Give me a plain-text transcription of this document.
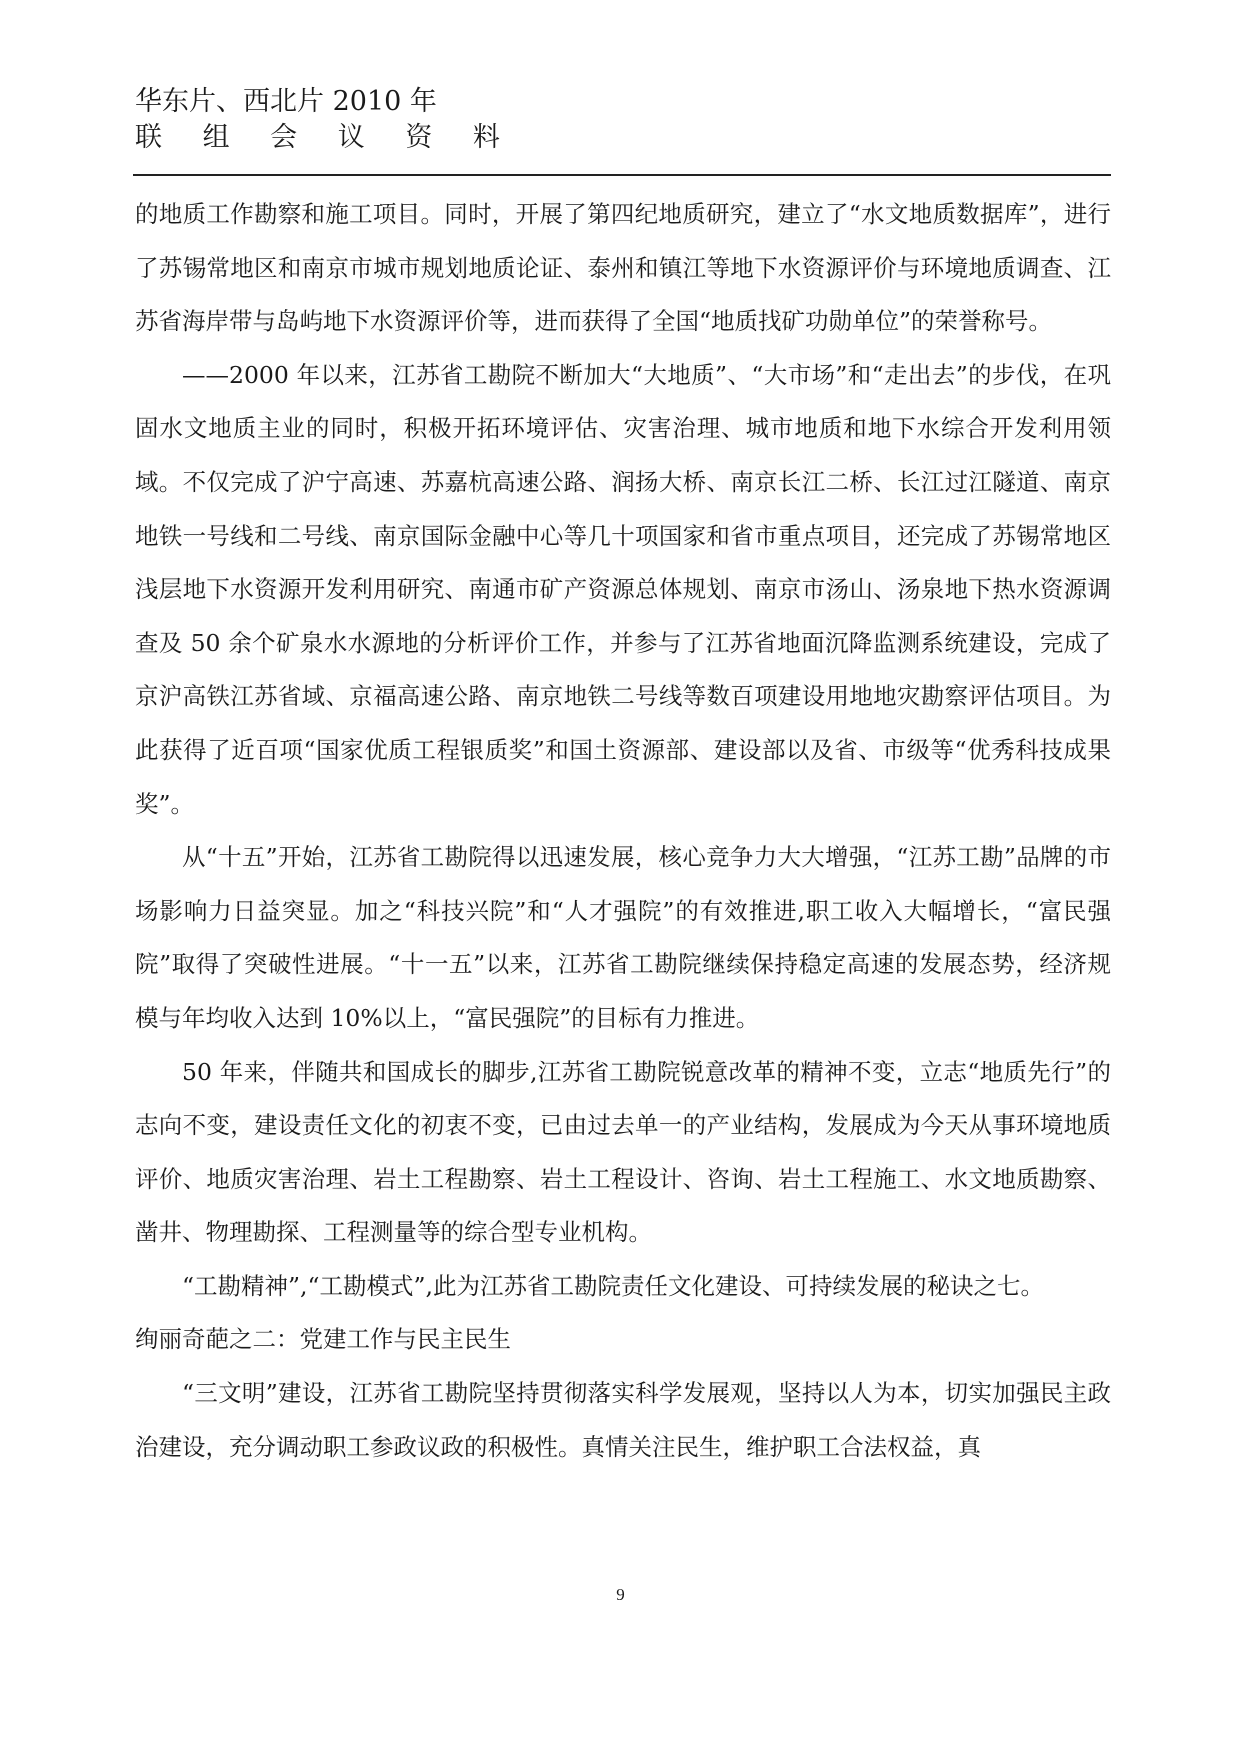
华东片、西北片 2010 年
联 组 会 议 资 料

的地质工作勘察和施工项目。同时，开展了第四纪地质研究，建立了“水文地质数据库”，进行了苏锡常地区和南京市城市规划地质论证、泰州和镇江等地下水资源评价与环境地质调查、江苏省海岸带与岛屿地下水资源评价等，进而获得了全国“地质找矿功勋单位”的荣誉称号。

——2000 年以来，江苏省工勘院不断加大“大地质”、“大市场”和“走出去”的步伐，在巩固水文地质主业的同时，积极开拓环境评估、灾害治理、城市地质和地下水综合开发利用领域。不仅完成了沪宁高速、苏嘉杭高速公路、润扬大桥、南京长江二桥、长江过江隧道、南京地铁一号线和二号线、南京国际金融中心等几十项国家和省市重点项目，还完成了苏锡常地区浅层地下水资源开发利用研究、南通市矿产资源总体规划、南京市汤山、汤泉地下热水资源调查及 50 余个矿泉水水源地的分析评价工作，并参与了江苏省地面沉降监测系统建设，完成了京沪高铁江苏省域、京福高速公路、南京地铁二号线等数百项建设用地地灾勘察评估项目。为此获得了近百项“国家优质工程银质奖”和国土资源部、建设部以及省、市级等“优秀科技成果奖”。

从“十五”开始，江苏省工勘院得以迅速发展，核心竞争力大大增强，“江苏工勘”品牌的市场影响力日益突显。加之“科技兴院”和“人才强院”的有效推进,职工收入大幅增长，“富民强院”取得了突破性进展。“十一五”以来，江苏省工勘院继续保持稳定高速的发展态势，经济规模与年均收入达到 10%以上，“富民强院”的目标有力推进。

50 年来，伴随共和国成长的脚步,江苏省工勘院锐意改革的精神不变，立志“地质先行”的志向不变，建设责任文化的初衷不变，已由过去单一的产业结构，发展成为今天从事环境地质评价、地质灾害治理、岩土工程勘察、岩土工程设计、咨询、岩土工程施工、水文地质勘察、凿井、物理勘探、工程测量等的综合型专业机构。

“工勘精神”,“工勘模式”,此为江苏省工勘院责任文化建设、可持续发展的秘诀之七。

绚丽奇葩之二：党建工作与民主民生

“三文明”建设，江苏省工勘院坚持贯彻落实科学发展观，坚持以人为本，切实加强民主政治建设，充分调动职工参政议政的积极性。真情关注民生，维护职工合法权益，真

9
